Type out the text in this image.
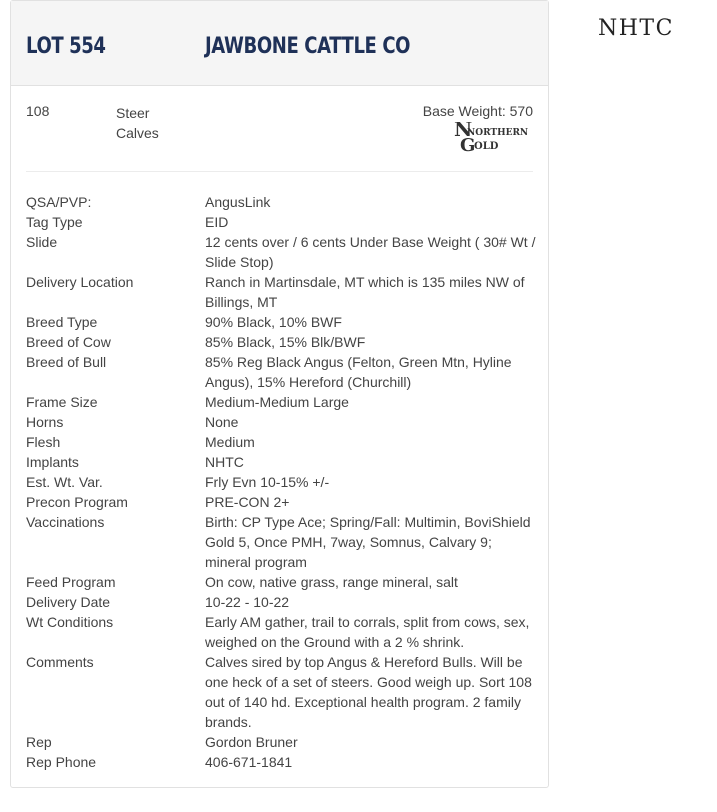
LOT 554	JAWBONE CATTLE CO
108	Steer
Calves
Base Weight: 570
N
NORTHERN
G
OLD
QSA/PVP:	AngusLink
Tag Type	EID
Slide	12 cents over / 6 cents Under Base Weight ( 30# Wt / Slide Stop)
Delivery Location	Ranch in Martinsdale, MT which is 135 miles NW of Billings, MT
Breed Type	90% Black, 10% BWF
Breed of Cow	85% Black, 15% Blk/BWF
Breed of Bull	85% Reg Black Angus (Felton, Green Mtn, Hyline Angus), 15% Hereford (Churchill)
Frame Size	Medium-Medium Large
Horns	None
Flesh	Medium
Implants	NHTC
Est. Wt. Var.	Frly Evn 10-15% +/-
Precon Program	PRE-CON 2+
Vaccinations	Birth: CP Type Ace; Spring/Fall: Multimin, BoviShield Gold 5, Once PMH, 7way, Somnus, Calvary 9; mineral program
Feed Program	On cow, native grass, range mineral, salt
Delivery Date	10-22 - 10-22
Wt Conditions	Early AM gather, trail to corrals, split from cows, sex, weighed on the Ground with a 2 % shrink.
Comments	Calves sired by top Angus & Hereford Bulls. Will be one heck of a set of steers. Good weigh up. Sort 108 out of 140 hd. Exceptional health program. 2 family brands.
Rep	Gordon Bruner
Rep Phone	406-671-1841
NHTC
